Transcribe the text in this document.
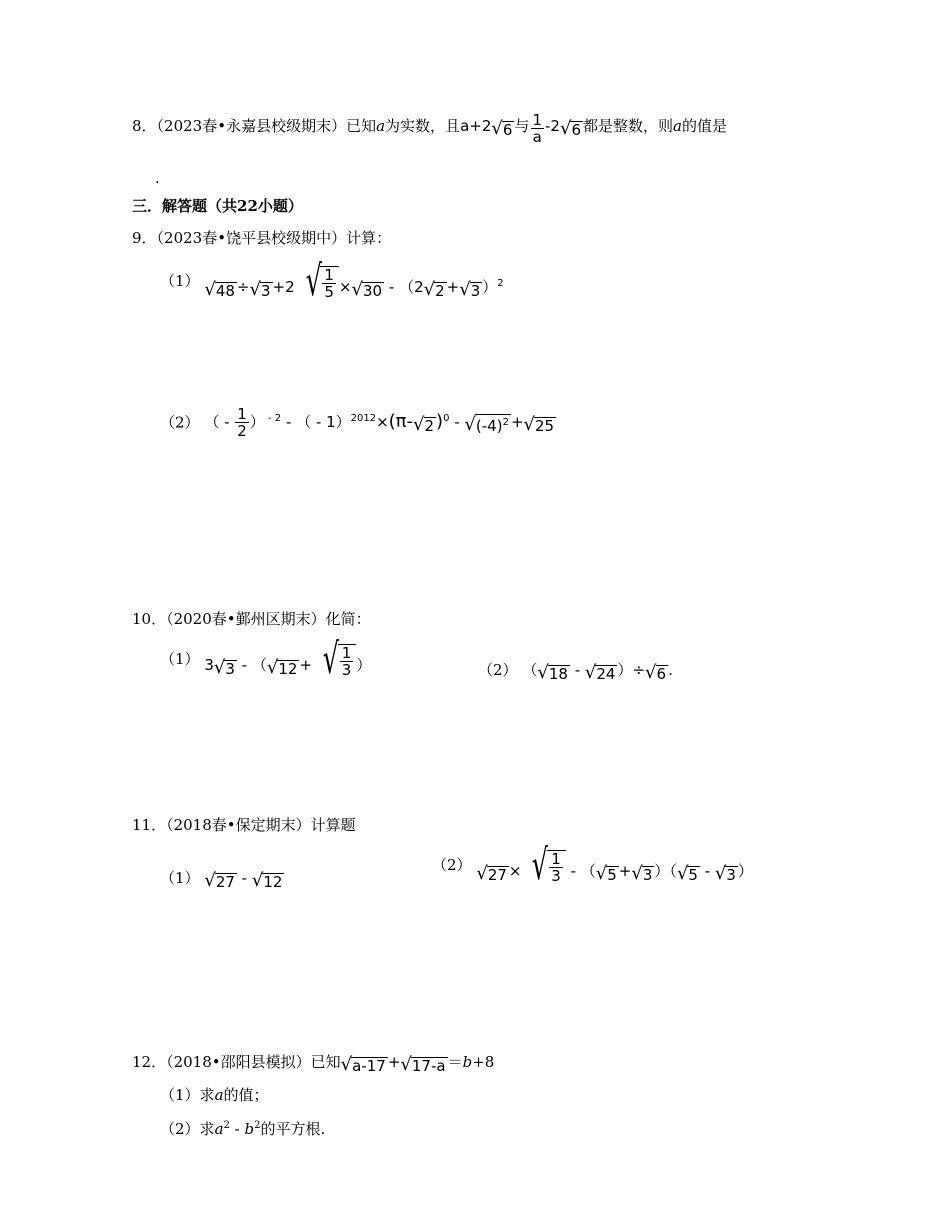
8．（2023春•永嘉县校级期末）已知a为实数，且a+2 √ 6 与 $\frac{1}{a} -2$ √ 6 都是整数，则a的值是
.
三．解答题（共22小题）
9．（2023春•饶平县校级期中）计算：
（1） √ 48 ÷ √ 3 +2 √ $\frac{1}{5}$ × √ 30 - （2 √ 2 + √ 3 ）$^2$
（2） （ - $\frac{1}{2}$ ） $^{- 2}$ - （ - 1）$^{2012}$×(π- √ 2 )$^0$ - √ $(-4)^2$ + √ 25
10．（2020春•鄞州区期末）化简：
（1） 3 √ 3 - （ √ 12 + √ $\frac{1}{3}$ ）	（2） （ √ 18 - √ 24 ）÷ √ 6 .
11．（2018春•保定期末）计算题
（1） √ 27 - √ 12
（2） √ 27 × √ $\frac{1}{3}$ - （ √ 5 + √ 3 ）（ √ 5 - √ 3 ）
12．（2018•邵阳县模拟）已知 √ a-17 + √ 17-a ＝b+8
（1）求a的值；
（2）求$a^2 - b^2$的平方根.
